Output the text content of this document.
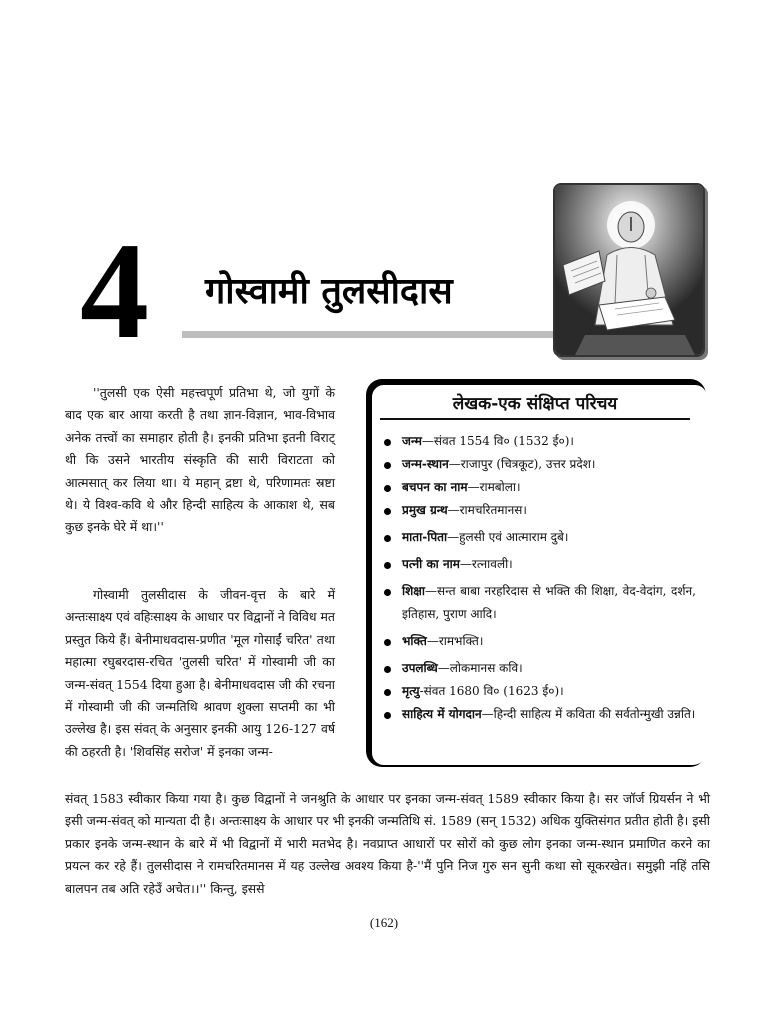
4 गोस्वामी तुलसीदास

''तुलसी एक ऐसी महत्त्वपूर्ण प्रतिभा थे, जो युगों के बाद एक बार आया करती है तथा ज्ञान-विज्ञान, भाव-विभाव अनेक तत्त्वों का समाहार होती है। इनकी प्रतिभा इतनी विराट् थी कि उसने भारतीय संस्कृति की सारी विराटता को आत्मसात् कर लिया था। ये महान् द्रष्टा थे, परिणामतः स्रष्टा थे। ये विश्व-कवि थे और हिन्दी साहित्य के आकाश थे, सब कुछ इनके घेरे में था।''

गोस्वामी तुलसीदास के जीवन-वृत्त के बारे में अन्तःसाक्ष्य एवं वहिःसाक्ष्य के आधार पर विद्वानों ने विविध मत प्रस्तुत किये हैं। बेनीमाधवदास-प्रणीत 'मूल गोसाईं चरित' तथा महात्मा रघुबरदास-रचित 'तुलसी चरित' में गोस्वामी जी का जन्म-संवत् 1554 दिया हुआ है। बेनीमाधवदास जी की रचना में गोस्वामी जी की जन्मतिथि श्रावण शुक्ला सप्तमी का भी उल्लेख है। इस संवत् के अनुसार इनकी आयु 126-127 वर्ष की ठहरती है। 'शिवसिंह सरोज' में इनका जन्म-

संवत् 1583 स्वीकार किया गया है। कुछ विद्वानों ने जनश्रुति के आधार पर इनका जन्म-संवत् 1589 स्वीकार किया है। सर जॉर्ज ग्रियर्सन ने भी इसी जन्म-संवत् को मान्यता दी है। अन्तःसाक्ष्य के आधार पर भी इनकी जन्मतिथि सं. 1589 (सन् 1532) अधिक युक्तिसंगत प्रतीत होती है। इसी प्रकार इनके जन्म-स्थान के बारे में भी विद्वानों में भारी मतभेद है। नवप्राप्त आधारों पर सोरों को कुछ लोग इनका जन्म-स्थान प्रमाणित करने का प्रयत्न कर रहे हैं। तुलसीदास ने रामचरितमानस में यह उल्लेख अवश्य किया है-''मैं पुनि निज गुरु सन सुनी कथा सो सूकरखेत। समुझी नहिं तसि बालपन तब अति रहेउँ अचेत।।'' किन्तु, इससे

लेखक-एक संक्षिप्त परिचय
जन्म—संवत 1554 वि० (1532 ई०)।
जन्म-स्थान—राजापुर (चित्रकूट), उत्तर प्रदेश।
बचपन का नाम—रामबोला।
प्रमुख ग्रन्थ—रामचरितमानस।
माता-पिता—हुलसी एवं आत्माराम दुबे।
पत्नी का नाम—रत्नावली।
शिक्षा—सन्त बाबा नरहरिदास से भक्ति की शिक्षा, वेद-वेदांग, दर्शन, इतिहास, पुराण आदि।
भक्ति—रामभक्ति।
उपलब्धि—लोकमानस कवि।
मृत्यु-संवत 1680 वि० (1623 ई०)।
साहित्य में योगदान—हिन्दी साहित्य में कविता की सर्वतोन्मुखी उन्नति।
(162)
